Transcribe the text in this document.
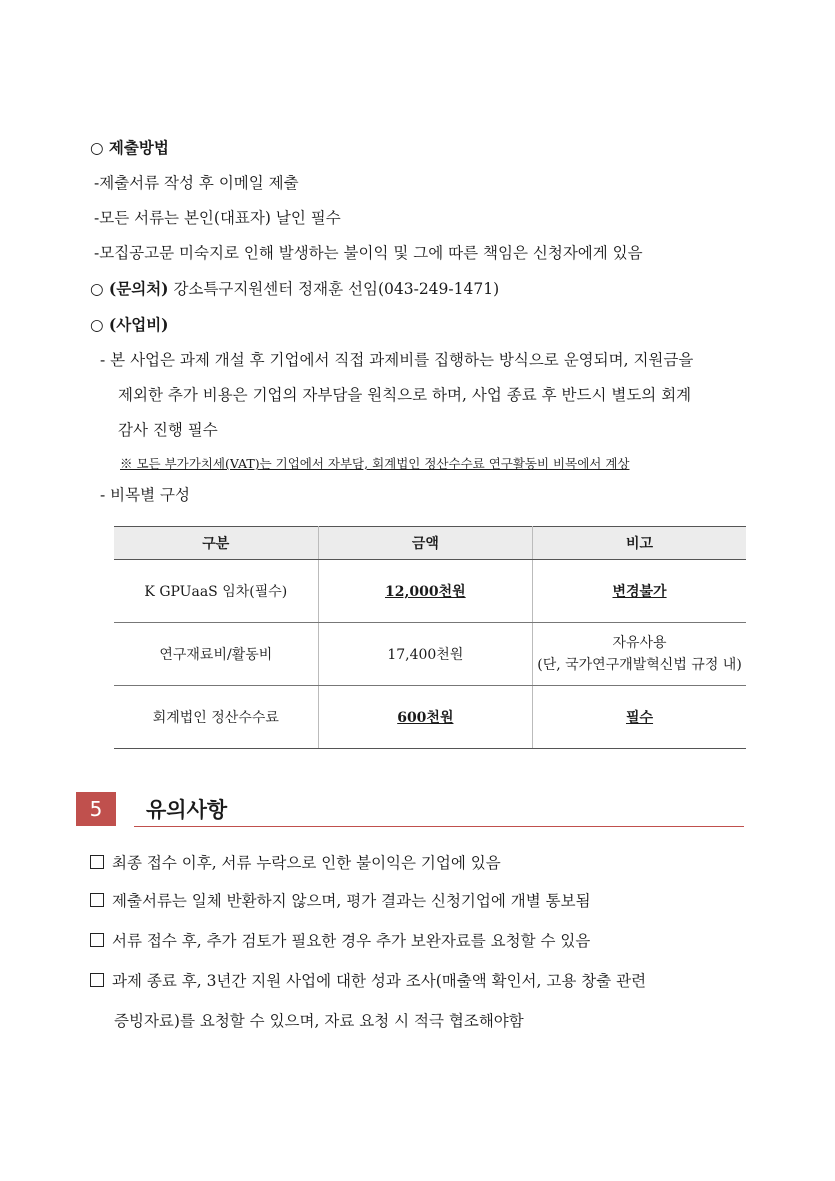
○ 제출방법
-제출서류 작성 후 이메일 제출
-모든 서류는 본인(대표자) 날인 필수
-모집공고문 미숙지로 인해 발생하는 불이익 및 그에 따른 책임은 신청자에게 있음
○ (문의처) 강소특구지원센터 정재훈 선임(043-249-1471)
○ (사업비)
- 본 사업은 과제 개설 후 기업에서 직접 과제비를 집행하는 방식으로 운영되며, 지원금을
제외한 추가 비용은 기업의 자부담을 원칙으로 하며, 사업 종료 후 반드시 별도의 회계
감사 진행 필수
※ 모든 부가가치세(VAT)는 기업에서 자부담, 회계법인 정산수수료 연구활동비 비목에서 계상
- 비목별 구성
구분	금액	비고
K GPUaaS 임차(필수)	12,000천원	변경불가
연구재료비/활동비	17,400천원	자유사용
(단, 국가연구개발혁신법 규정 내)

회계법인 정산수수료	600천원	필수
5	유의사항
최종 접수 이후, 서류 누락으로 인한 불이익은 기업에 있음
제출서류는 일체 반환하지 않으며, 평가 결과는 신청기업에 개별 통보됨
서류 접수 후, 추가 검토가 필요한 경우 추가 보완자료를 요청할 수 있음
과제 종료 후, 3년간 지원 사업에 대한 성과 조사(매출액 확인서, 고용 창출 관련
증빙자료)를 요청할 수 있으며, 자료 요청 시 적극 협조해야함
